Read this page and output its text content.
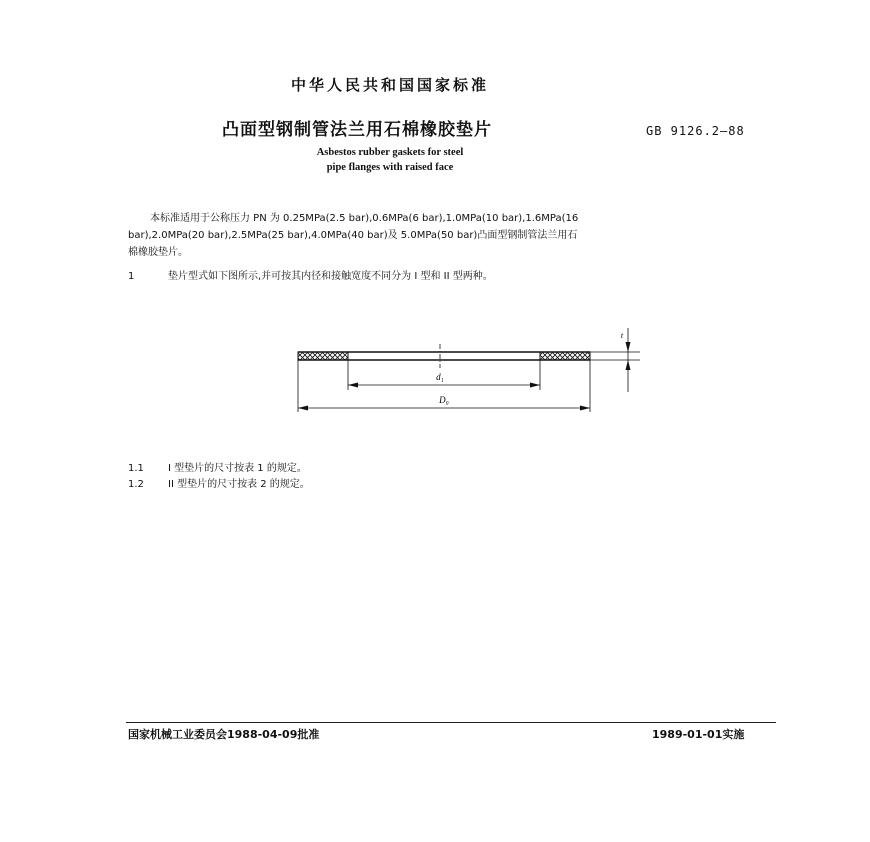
中华人民共和国国家标准
凸面型钢制管法兰用石棉橡胶垫片	GB 9126.2—88
Asbestos rubber gaskets for steel
pipe flanges with raised face
本标准适用于公称压力 PN 为 0.25MPa(2.5 bar),0.6MPa(6 bar),1.0MPa(10 bar),1.6MPa(16
bar),2.0MPa(20 bar),2.5MPa(25 bar),4.0MPa(40 bar)及 5.0MPa(50 bar)凸面型钢制管法兰用石
棉橡胶垫片。
1	垫片型式如下图所示,并可按其内径和接触宽度不同分为 I 型和 II 型两种。
d₁
D₀
t
1.1 I 型垫片的尺寸按表 1 的规定。
1.2 II 型垫片的尺寸按表 2 的规定。
国家机械工业委员会1988-04-09批准	1989-01-01实施
